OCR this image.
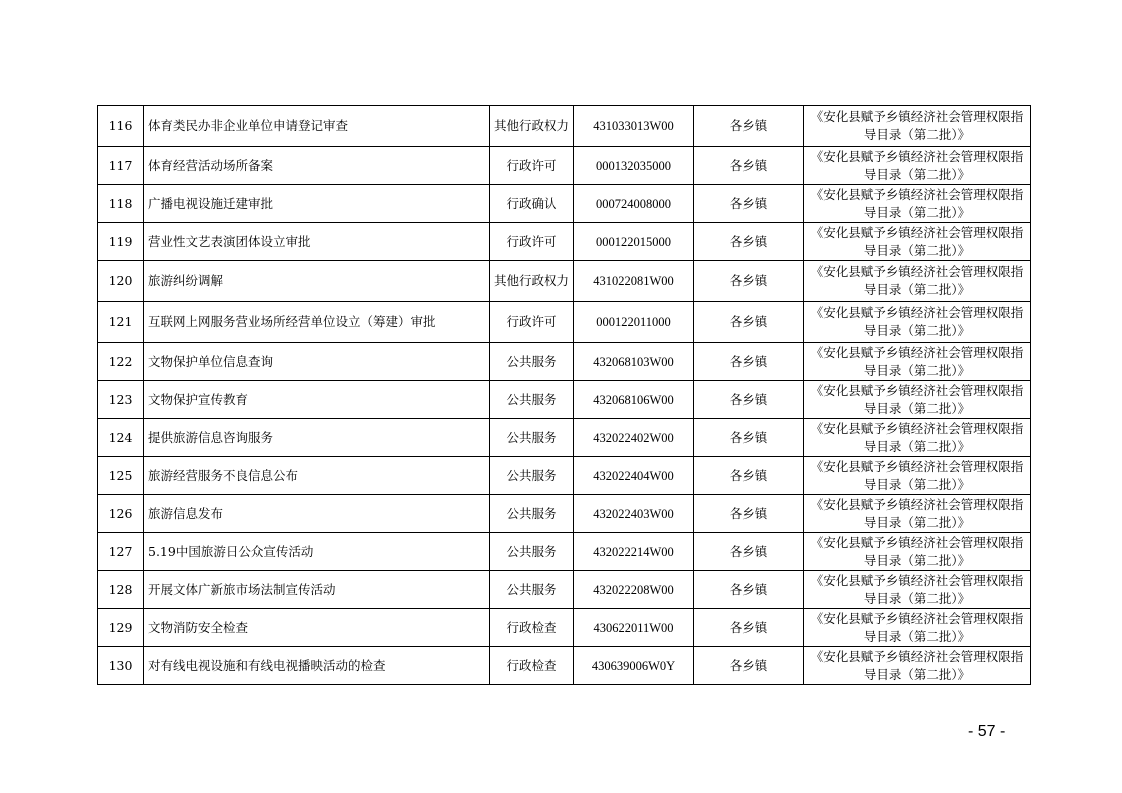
116	体育类民办非企业单位申请登记审查	其他行政权力	431033013W00	各乡镇	《安化县赋予乡镇经济社会管理权限指导目录（第二批）》
117	体育经营活动场所备案	行政许可	000132035000	各乡镇	《安化县赋予乡镇经济社会管理权限指导目录（第二批）》
118	广播电视设施迁建审批	行政确认	000724008000	各乡镇	《安化县赋予乡镇经济社会管理权限指导目录（第二批）》
119	营业性文艺表演团体设立审批	行政许可	000122015000	各乡镇	《安化县赋予乡镇经济社会管理权限指导目录（第二批）》
120	旅游纠纷调解	其他行政权力	431022081W00	各乡镇	《安化县赋予乡镇经济社会管理权限指导目录（第二批）》
121	互联网上网服务营业场所经营单位设立（筹建）审批	行政许可	000122011000	各乡镇	《安化县赋予乡镇经济社会管理权限指导目录（第二批）》
122	文物保护单位信息查询	公共服务	432068103W00	各乡镇	《安化县赋予乡镇经济社会管理权限指导目录（第二批）》
123	文物保护宣传教育	公共服务	432068106W00	各乡镇	《安化县赋予乡镇经济社会管理权限指导目录（第二批）》
124	提供旅游信息咨询服务	公共服务	432022402W00	各乡镇	《安化县赋予乡镇经济社会管理权限指导目录（第二批）》
125	旅游经营服务不良信息公布	公共服务	432022404W00	各乡镇	《安化县赋予乡镇经济社会管理权限指导目录（第二批）》
126	旅游信息发布	公共服务	432022403W00	各乡镇	《安化县赋予乡镇经济社会管理权限指导目录（第二批）》
127	5.19中国旅游日公众宣传活动	公共服务	432022214W00	各乡镇	《安化县赋予乡镇经济社会管理权限指导目录（第二批）》
128	开展文体广新旅市场法制宣传活动	公共服务	432022208W00	各乡镇	《安化县赋予乡镇经济社会管理权限指导目录（第二批）》
129	文物消防安全检查	行政检查	430622011W00	各乡镇	《安化县赋予乡镇经济社会管理权限指导目录（第二批）》
130	对有线电视设施和有线电视播映活动的检查	行政检查	430639006W0Y	各乡镇	《安化县赋予乡镇经济社会管理权限指导目录（第二批）》
- 57 -
